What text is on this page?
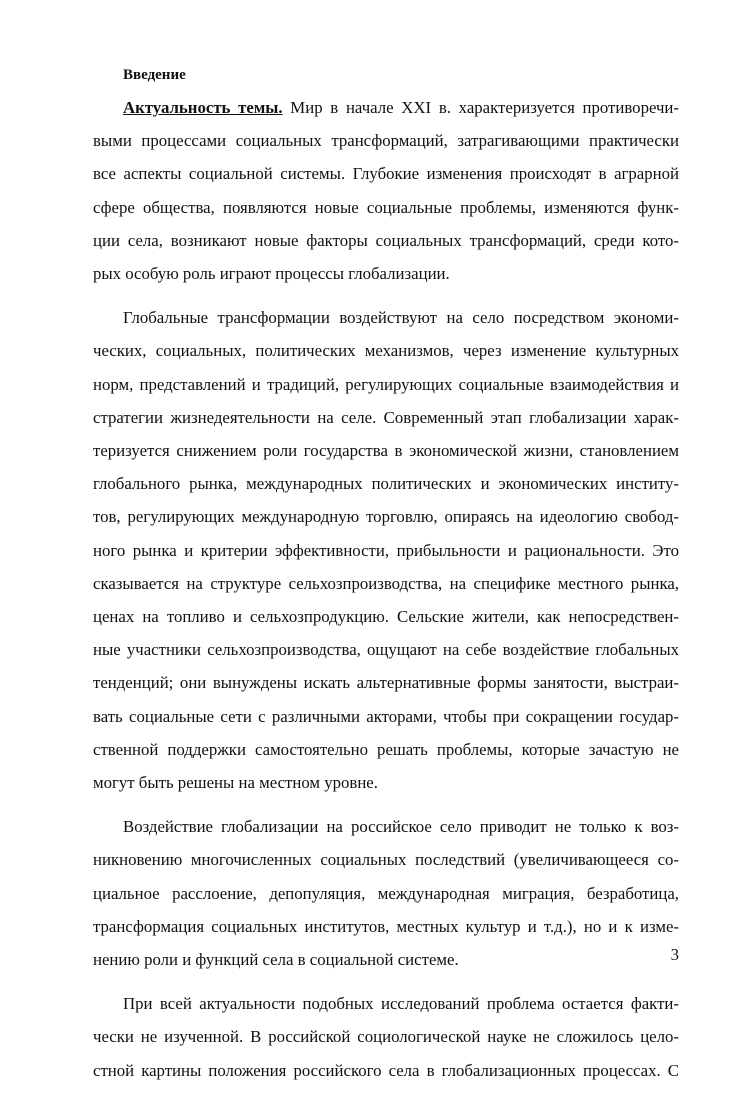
Введение
Актуальность темы. Мир в начале XXI в. характеризуется противоречи-
выми процессами социальных трансформаций, затрагивающими практически
все аспекты социальной системы. Глубокие изменения происходят в аграрной
сфере общества, появляются новые социальные проблемы, изменяются функ-
ции села, возникают новые факторы социальных трансформаций, среди кото-
рых особую роль играют процессы глобализации.
Глобальные трансформации воздействуют на село посредством экономи-
ческих, социальных, политических механизмов, через изменение культурных
норм, представлений и традиций, регулирующих социальные взаимодействия и
стратегии жизнедеятельности на селе. Современный этап глобализации харак-
теризуется снижением роли государства в экономической жизни, становлением
глобального рынка, международных политических и экономических институ-
тов, регулирующих международную торговлю, опираясь на идеологию свобод-
ного рынка и критерии эффективности, прибыльности и рациональности. Это
сказывается на структуре сельхозпроизводства, на специфике местного рынка,
ценах на топливо и сельхозпродукцию. Сельские жители, как непосредствен-
ные участники сельхозпроизводства, ощущают на себе воздействие глобальных
тенденций; они вынуждены искать альтернативные формы занятости, выстраи-
вать социальные сети с различными акторами, чтобы при сокращении государ-
ственной поддержки самостоятельно решать проблемы, которые зачастую не
могут быть решены на местном уровне.
Воздействие глобализации на российское село приводит не только к воз-
никновению многочисленных социальных последствий (увеличивающееся со-
циальное расслоение, депопуляция, международная миграция, безработица,
трансформация социальных институтов, местных культур и т.д.), но и к изме-
нению роли и функций села в социальной системе.
При всей актуальности подобных исследований проблема остается факти-
чески не изученной. В российской социологической науке не сложилось цело-
стной картины положения российского села в глобализационных процессах. С
3
